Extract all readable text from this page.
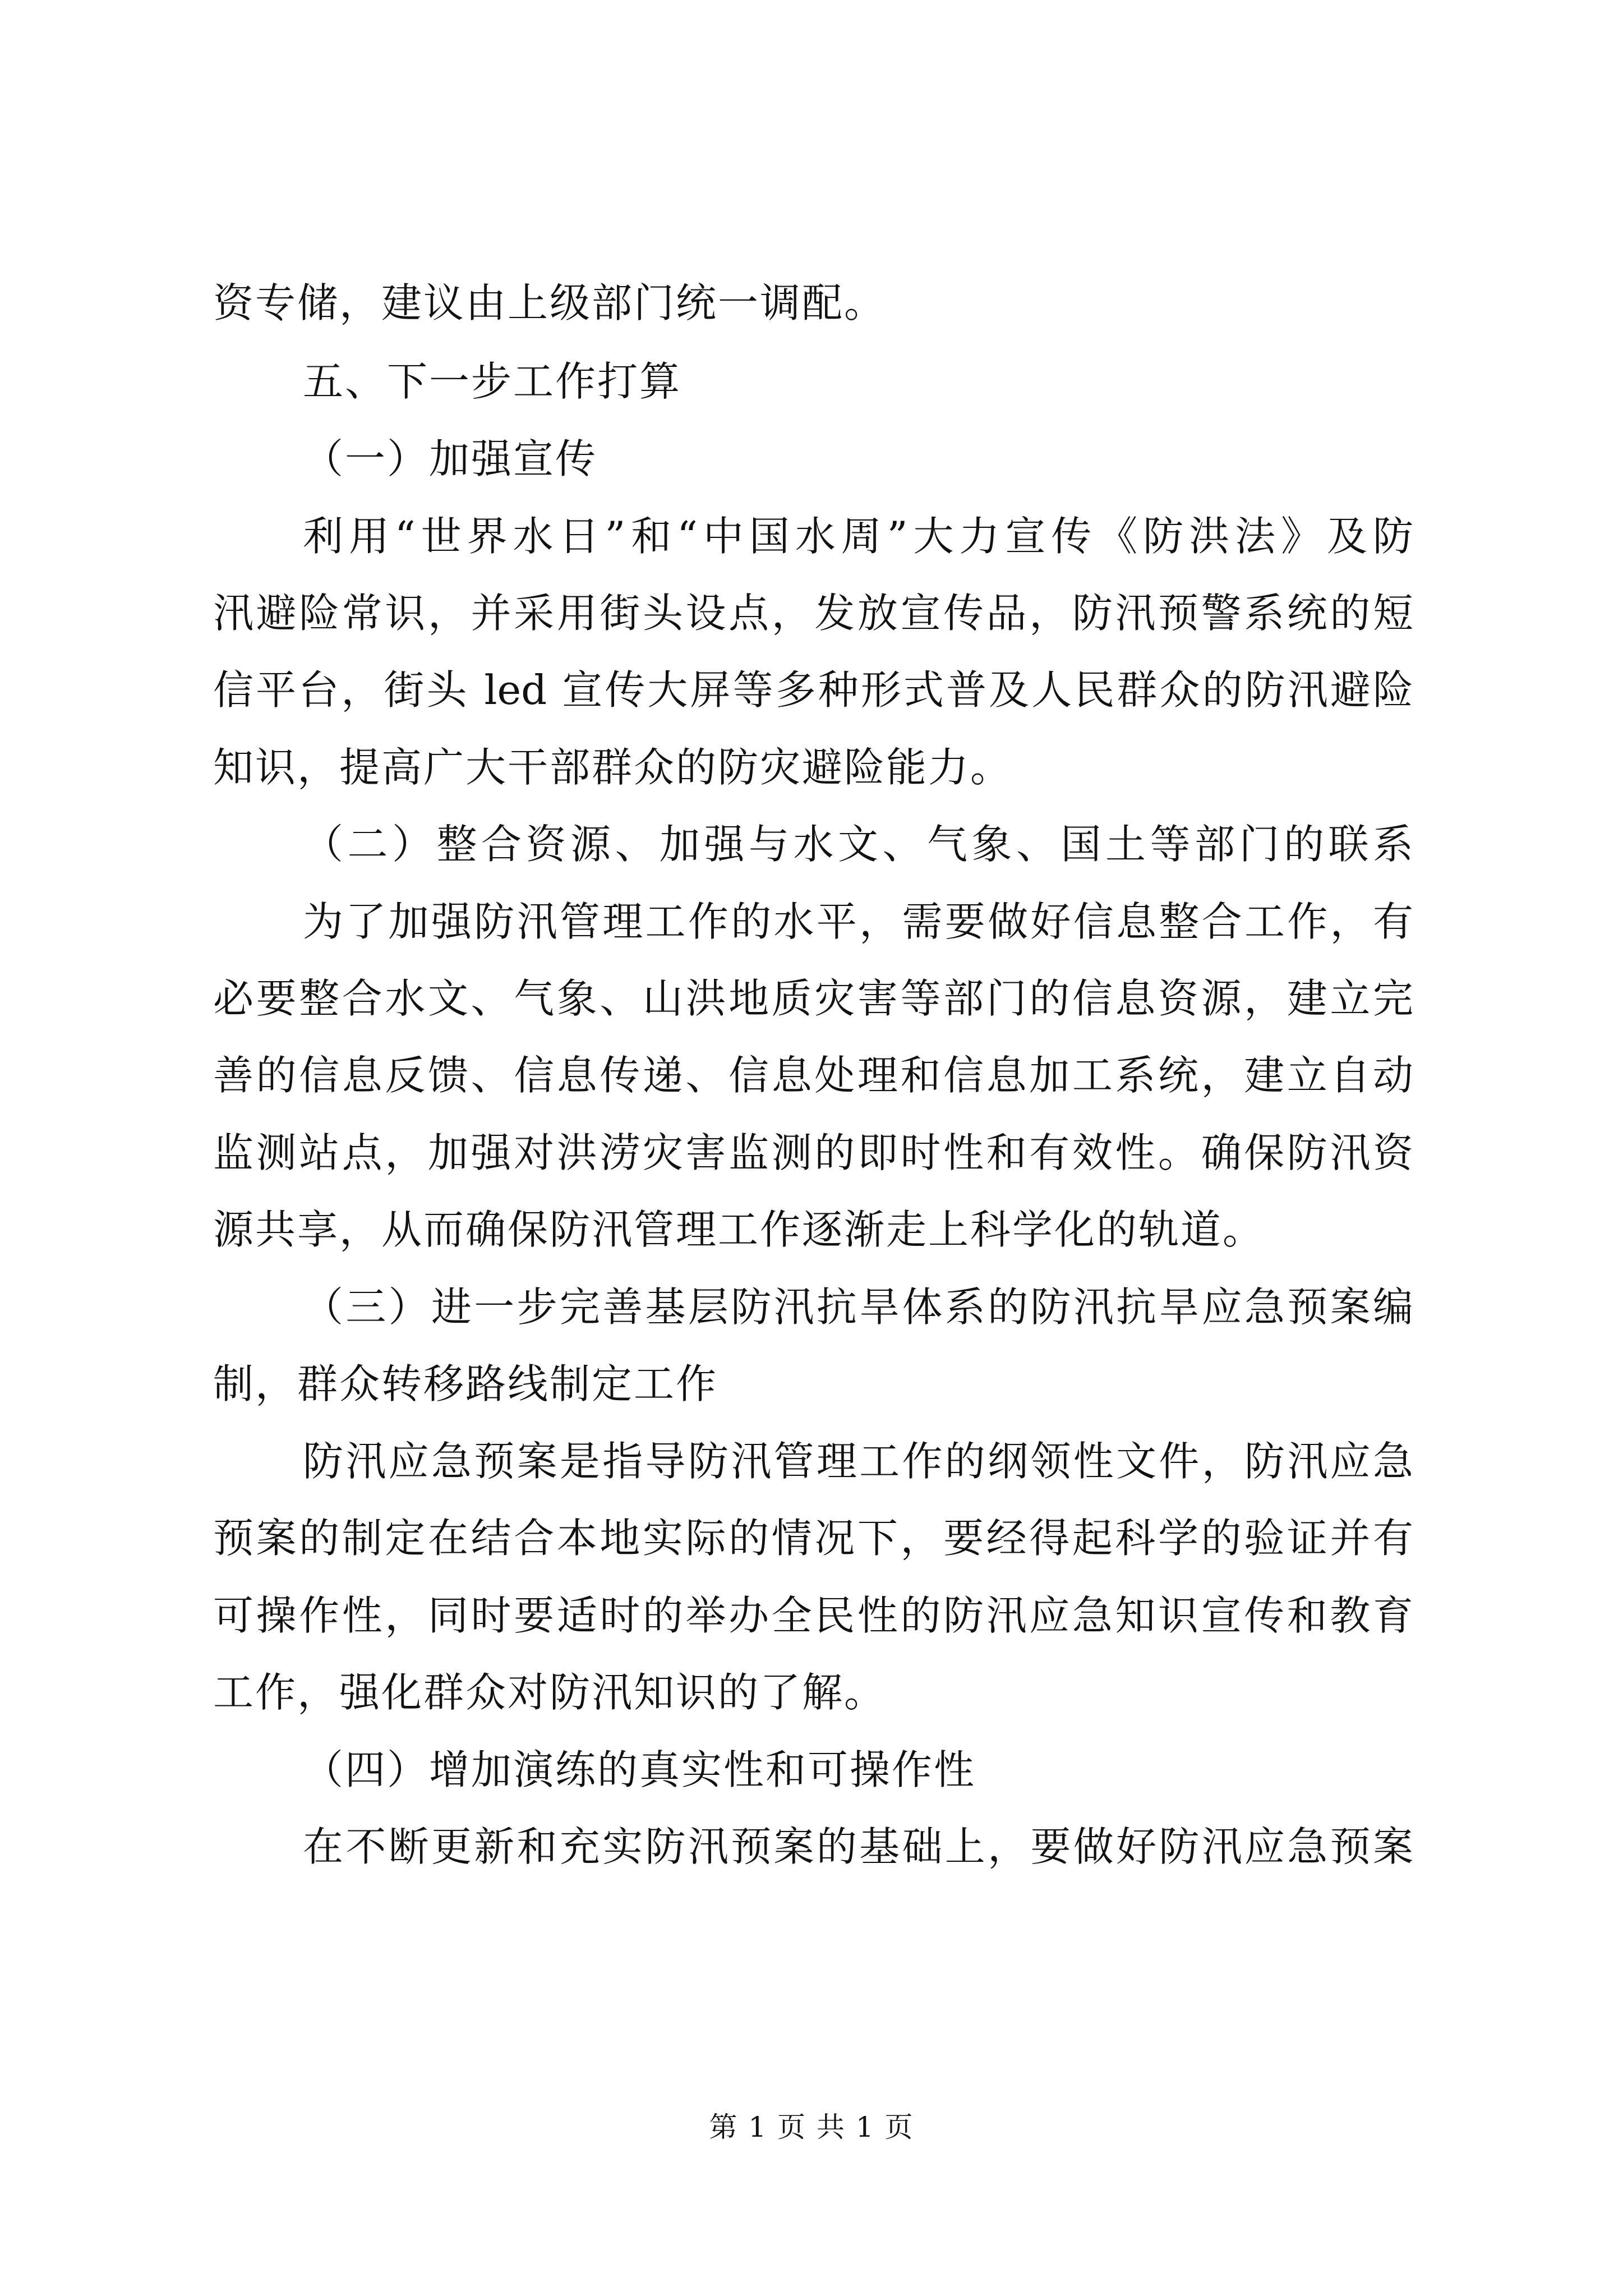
资专储，建议由上级部门统一调配。
五、下一步工作打算
（一）加强宣传
利用“世界水日”和“中国水周”大力宣传《防洪法》及防
汛避险常识，并采用街头设点，发放宣传品，防汛预警系统的短
信平台，街头 led 宣传大屏等多种形式普及人民群众的防汛避险
知识，提高广大干部群众的防灾避险能力。
（二）整合资源、加强与水文、气象、国土等部门的联系
为了加强防汛管理工作的水平，需要做好信息整合工作，有
必要整合水文、气象、山洪地质灾害等部门的信息资源，建立完
善的信息反馈、信息传递、信息处理和信息加工系统，建立自动
监测站点，加强对洪涝灾害监测的即时性和有效性。确保防汛资
源共享，从而确保防汛管理工作逐渐走上科学化的轨道。
（三）进一步完善基层防汛抗旱体系的防汛抗旱应急预案编
制，群众转移路线制定工作
防汛应急预案是指导防汛管理工作的纲领性文件，防汛应急
预案的制定在结合本地实际的情况下，要经得起科学的验证并有
可操作性，同时要适时的举办全民性的防汛应急知识宣传和教育
工作，强化群众对防汛知识的了解。
（四）增加演练的真实性和可操作性
在不断更新和充实防汛预案的基础上，要做好防汛应急预案
第 1 页 共 1 页
